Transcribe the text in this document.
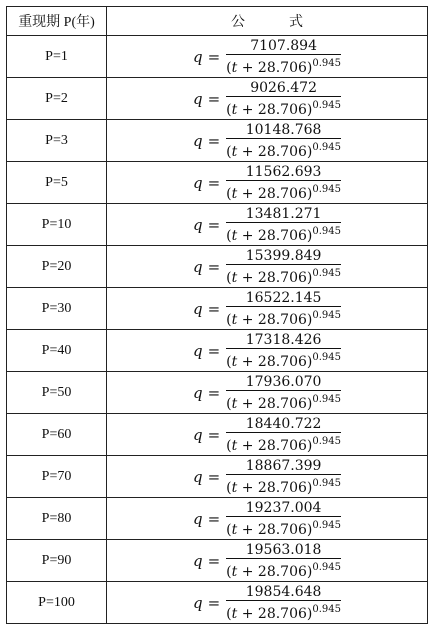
重现期 P(年)	公式
P=1	$q = \frac{7107.894}{(t + 28.706)^{0.945}}$

P=2	$q = \frac{9026.472}{(t + 28.706)^{0.945}}$

P=3	$q = \frac{10148.768}{(t + 28.706)^{0.945}}$

P=5	$q = \frac{11562.693}{(t + 28.706)^{0.945}}$

P=10	$q = \frac{13481.271}{(t + 28.706)^{0.945}}$

P=20	$q = \frac{15399.849}{(t + 28.706)^{0.945}}$

P=30	$q = \frac{16522.145}{(t + 28.706)^{0.945}}$

P=40	$q = \frac{17318.426}{(t + 28.706)^{0.945}}$

P=50	$q = \frac{17936.070}{(t + 28.706)^{0.945}}$

P=60	$q = \frac{18440.722}{(t + 28.706)^{0.945}}$

P=70	$q = \frac{18867.399}{(t + 28.706)^{0.945}}$

P=80	$q = \frac{19237.004}{(t + 28.706)^{0.945}}$

P=90	$q = \frac{19563.018}{(t + 28.706)^{0.945}}$

P=100	$q = \frac{19854.648}{(t + 28.706)^{0.945}}$
